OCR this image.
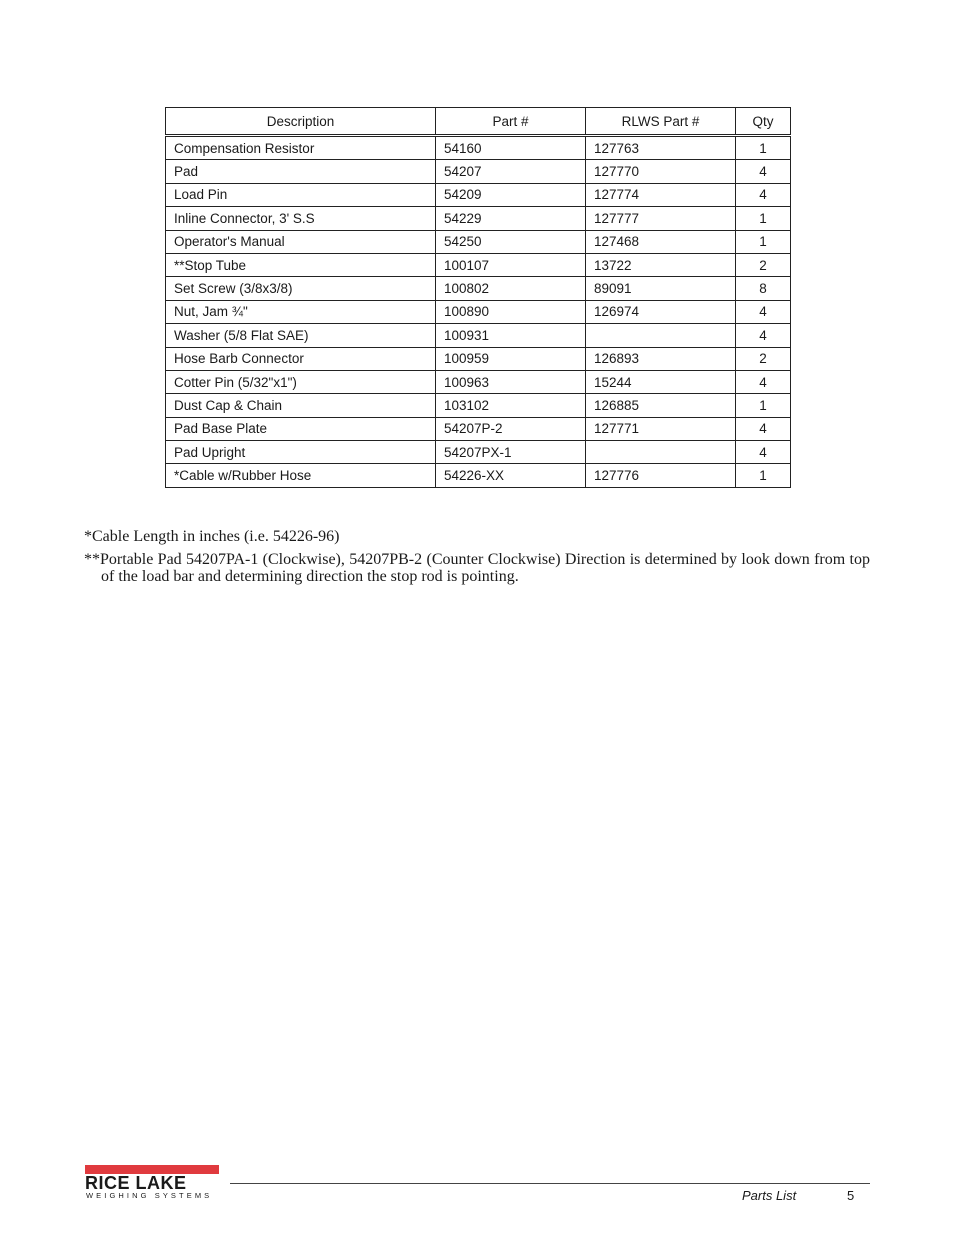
Description	Part #	RLWS Part #	Qty
Compensation Resistor	54160	127763	1
Pad	54207	127770	4
Load Pin	54209	127774	4
Inline Connector, 3' S.S	54229	127777	1
Operator's Manual	54250	127468	1
**Stop Tube	100107	13722	2
Set Screw (3/8x3/8)	100802	89091	8
Nut, Jam ¾"	100890	126974	4
Washer (5/8 Flat SAE)	100931		4
Hose Barb Connector	100959	126893	2
Cotter Pin (5/32"x1")	100963	15244	4
Dust Cap & Chain	103102	126885	1
Pad Base Plate	54207P-2	127771	4
Pad Upright	54207PX-1		4
*Cable w/Rubber Hose	54226-XX	127776	1

*Cable Length in inches (i.e. 54226-96)

**Portable Pad 54207PA-1 (Clockwise), 54207PB-2 (Counter Clockwise) Direction is determined by look down from top of the load bar and determining direction the stop rod is pointing.

RICE LAKE
WEIGHING SYSTEMS	Parts List	5
